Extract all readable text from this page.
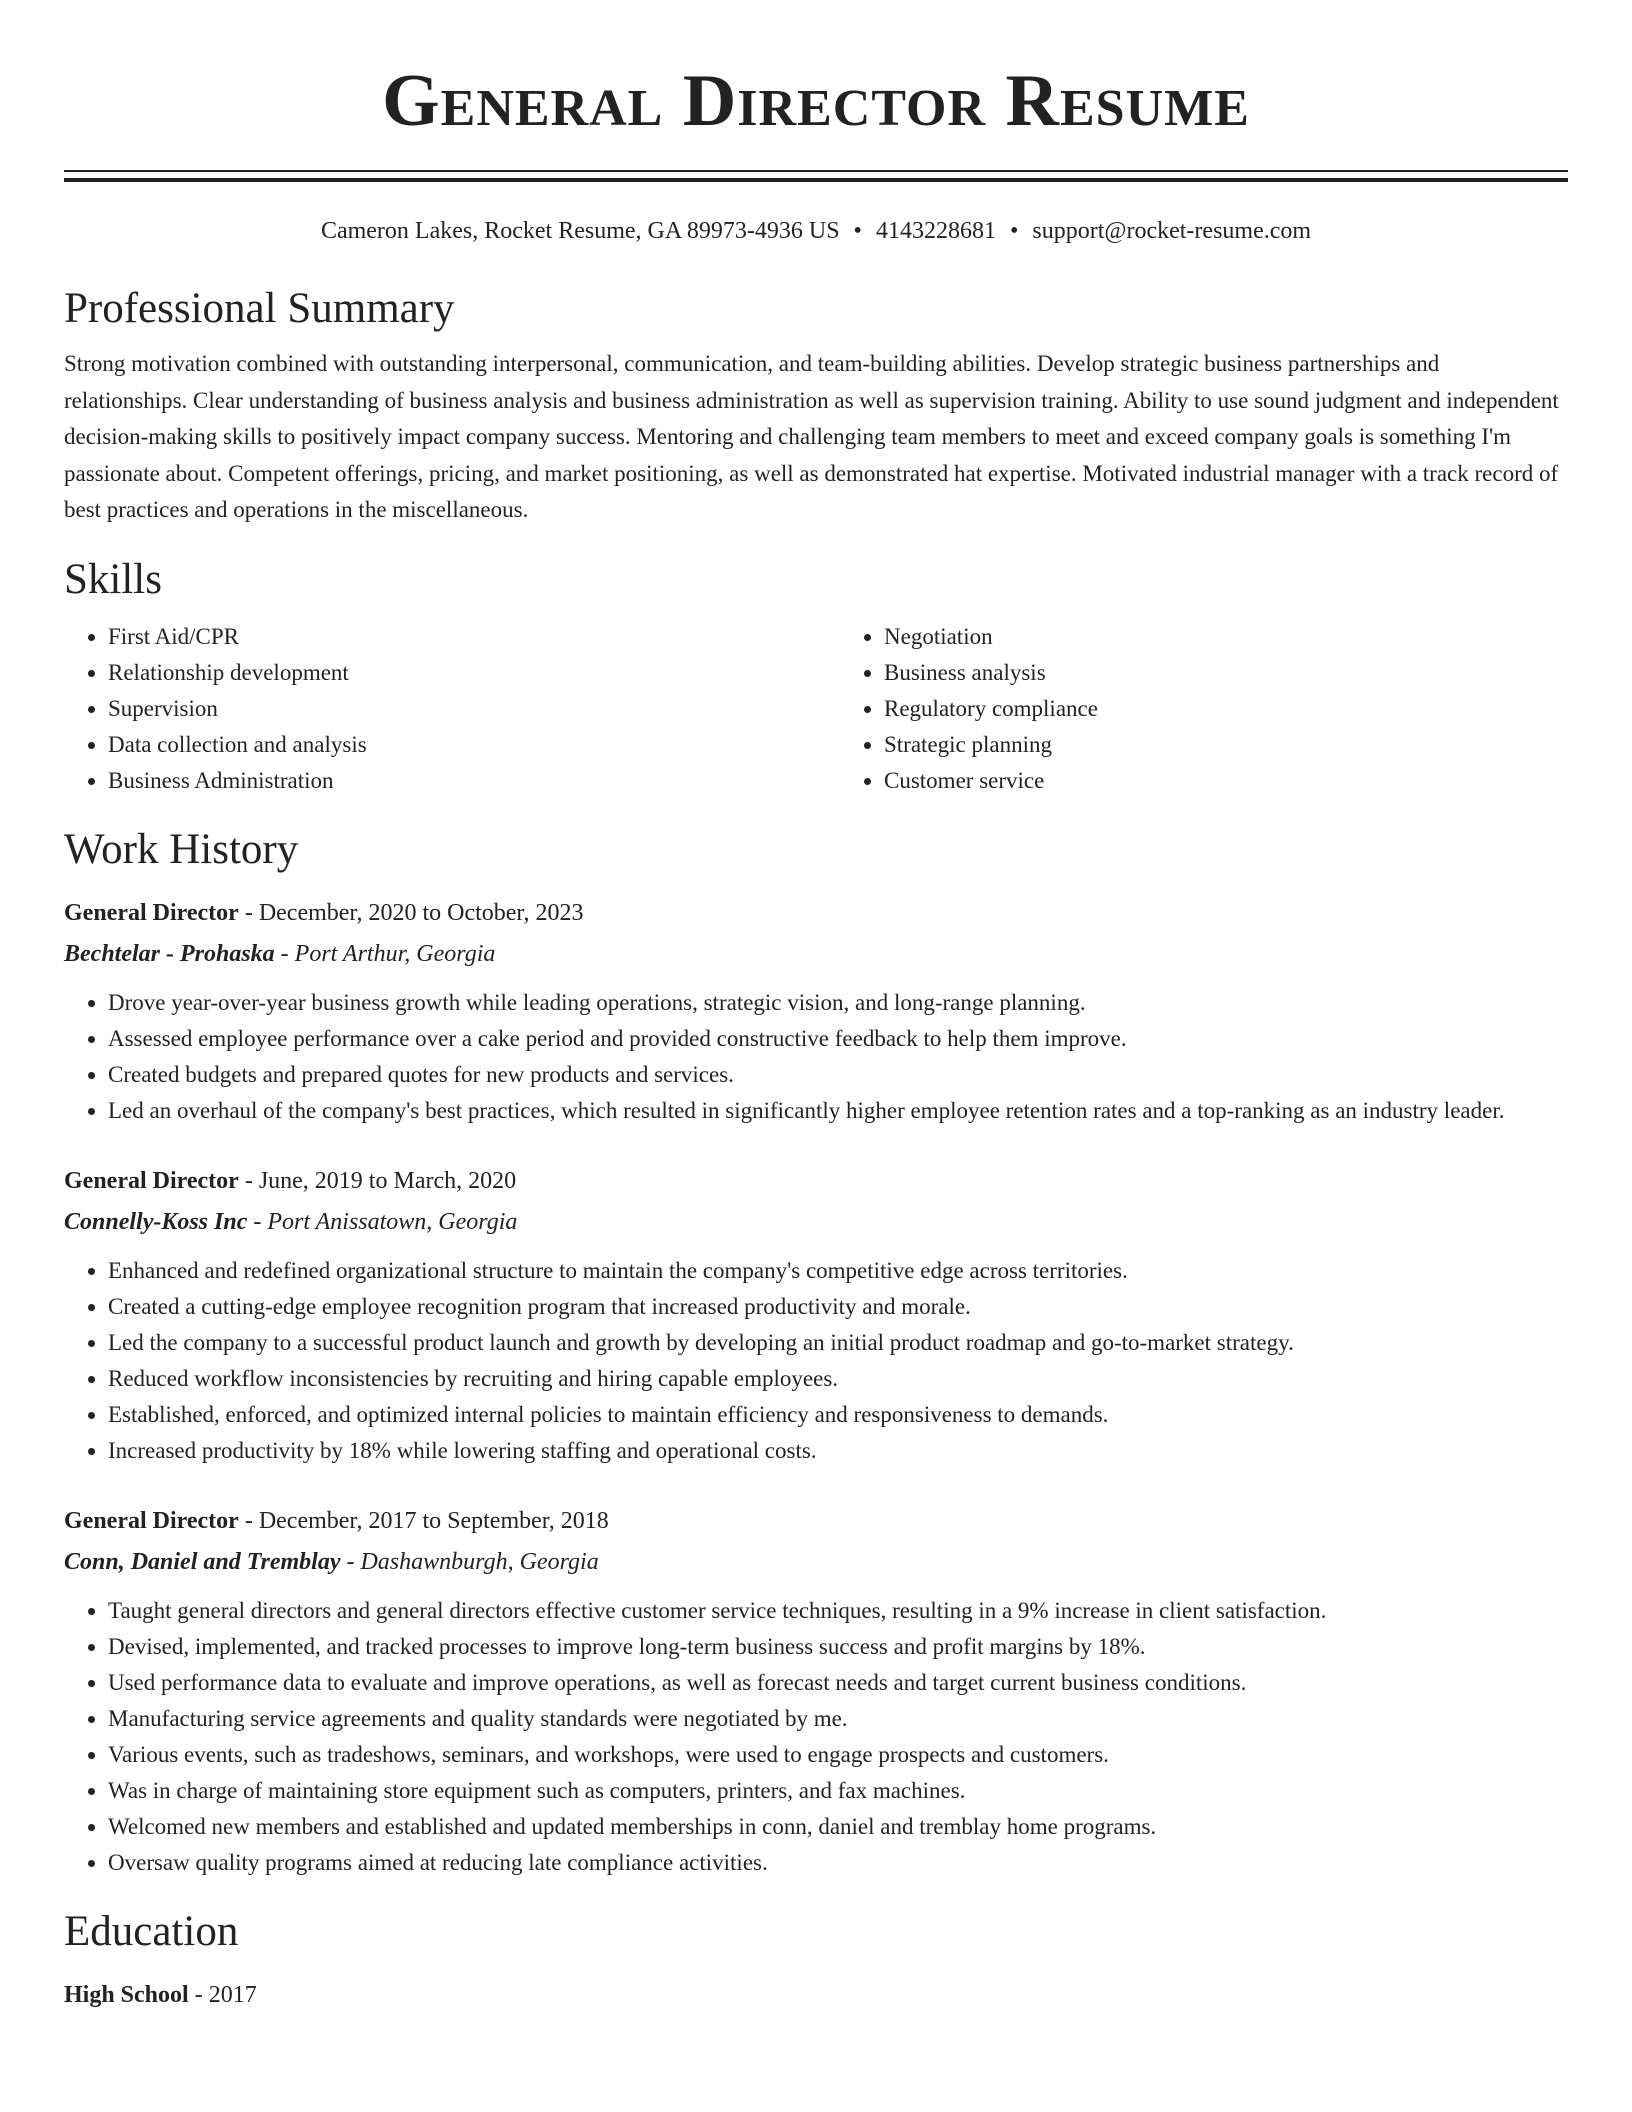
General Director Resume
Cameron Lakes, Rocket Resume, GA 89973-4936 US • 4143228681 • support@rocket-resume.com
Professional Summary

Strong motivation combined with outstanding interpersonal, communication, and team-building abilities. Develop strategic business partnerships and relationships. Clear understanding of business analysis and business administration as well as supervision training. Ability to use sound judgment and independent decision-making skills to positively impact company success. Mentoring and challenging team members to meet and exceed company goals is something I'm passionate about. Competent offerings, pricing, and market positioning, as well as demonstrated hat expertise. Motivated industrial manager with a track record of best practices and operations in the miscellaneous.

Skills
• First Aid/CPR
• Relationship development
• Supervision
• Data collection and analysis
• Business Administration
• Negotiation
• Business analysis
• Regulatory compliance
• Strategic planning
• Customer service
Work History
General Director - December, 2020 to October, 2023
Bechtelar - Prohaska - Port Arthur, Georgia
• Drove year-over-year business growth while leading operations, strategic vision, and long-range planning.
• Assessed employee performance over a cake period and provided constructive feedback to help them improve.
• Created budgets and prepared quotes for new products and services.
• Led an overhaul of the company's best practices, which resulted in significantly higher employee retention rates and a top-ranking as an industry leader.
General Director - June, 2019 to March, 2020
Connelly-Koss Inc - Port Anissatown, Georgia
• Enhanced and redefined organizational structure to maintain the company's competitive edge across territories.
• Created a cutting-edge employee recognition program that increased productivity and morale.
• Led the company to a successful product launch and growth by developing an initial product roadmap and go-to-market strategy.
• Reduced workflow inconsistencies by recruiting and hiring capable employees.
• Established, enforced, and optimized internal policies to maintain efficiency and responsiveness to demands.
• Increased productivity by 18% while lowering staffing and operational costs.
General Director - December, 2017 to September, 2018
Conn, Daniel and Tremblay - Dashawnburgh, Georgia
• Taught general directors and general directors effective customer service techniques, resulting in a 9% increase in client satisfaction.
• Devised, implemented, and tracked processes to improve long-term business success and profit margins by 18%.
• Used performance data to evaluate and improve operations, as well as forecast needs and target current business conditions.
• Manufacturing service agreements and quality standards were negotiated by me.
• Various events, such as tradeshows, seminars, and workshops, were used to engage prospects and customers.
• Was in charge of maintaining store equipment such as computers, printers, and fax machines.
• Welcomed new members and established and updated memberships in conn, daniel and tremblay home programs.
• Oversaw quality programs aimed at reducing late compliance activities.
Education
High School - 2017
